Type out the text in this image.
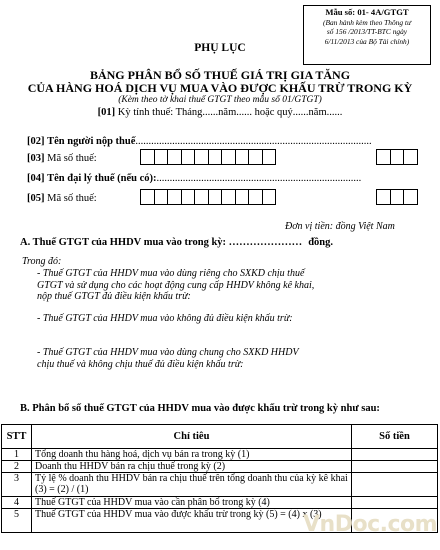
Mẫu số: 01- 4A/GTGT
(Ban hành kèm theo Thông tư
số 156 /2013/TT-BTC ngày
6/11/2013 của Bộ Tài chính)
PHỤ LỤC
BẢNG PHÂN BỔ SỐ THUẾ GIÁ TRỊ GIA TĂNG
CỦA HÀNG HOÁ DỊCH VỤ MUA VÀO ĐƯỢC KHẤU TRỪ TRONG KỲ
(Kèm theo tờ khai thuế GTGT theo mẫu số 01/GTGT)
[01] Kỳ tính thuế: Tháng......năm...... hoặc quý......năm......
[02] Tên người nộp thuế..........................................................................................
[03] Mã số thuế:
[04] Tên đại lý thuế (nếu có):..............................................................................
[05] Mã số thuế:
Đơn vị tiền: đồng Việt Nam
A. Thuế GTGT của HHDV mua vào trong kỳ: ………………… đồng.
Trong đó:
- Thuế GTGT của HHDV mua vào dùng riêng cho SXKD chịu thuế GTGT và sử dụng cho các hoạt động cung cấp HHDV không kê khai, nộp thuế GTGT đủ điều kiện khấu trừ:
- Thuế GTGT của HHDV mua vào không đủ điều kiện khấu trừ:
- Thuế GTGT của HHDV mua vào dùng chung cho SXKD HHDV chịu thuế và không chịu thuế đủ điều kiện khấu trừ:
B. Phân bổ số thuế GTGT của HHDV mua vào được khấu trừ trong kỳ như sau:
STT	Chỉ tiêu	Số tiền
1	Tổng doanh thu hàng hoá, dịch vụ bán ra trong kỳ (1)	
2	Doanh thu HHDV bán ra chịu thuế trong kỳ (2)	
3	Tỷ lệ % doanh thu HHDV bán ra chịu thuế trên tổng doanh thu của kỳ kê khai (3) = (2) / (1)	
4	Thuế GTGT của HHDV mua vào cần phân bổ trong kỳ (4)	
5	Thuế GTGT của HHDV mua vào được khấu trừ trong kỳ (5) = (4) x (3)	
VnDoc.com
